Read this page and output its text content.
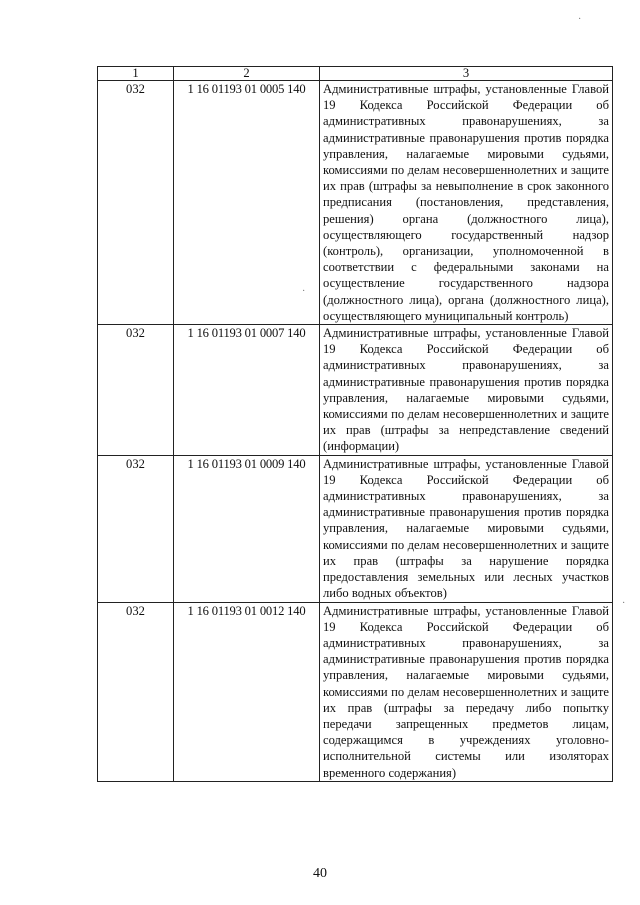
·
·
·
1	2	3
032	1 16 01193 01 0005 140	Административные штрафы, установленные Главой 19 Кодекса Российской Федерации об административных правонарушениях, за административные правонарушения против порядка управления, налагаемые мировыми судьями, комиссиями по делам несовершеннолетних и защите их прав (штрафы за невыполнение в срок законного предписания (постановления, представления, решения) органа (должностного лица), осуществляющего государственный надзор (контроль), организации, уполномоченной в соответствии с федеральными законами на осуществление государственного надзора (должностного лица), органа (должностного лица), осуществляющего муниципальный контроль)
032	1 16 01193 01 0007 140	Административные штрафы, установленные Главой 19 Кодекса Российской Федерации об административных правонарушениях, за административные правонарушения против порядка управления, налагаемые мировыми судьями, комиссиями по делам несовершеннолетних и защите их прав (штрафы за непредставление сведений (информации)
032	1 16 01193 01 0009 140	Административные штрафы, установленные Главой 19 Кодекса Российской Федерации об административных правонарушениях, за административные правонарушения против порядка управления, налагаемые мировыми судьями, комиссиями по делам несовершеннолетних и защите их прав (штрафы за нарушение порядка предоставления земельных или лесных участков либо водных объектов)
032	1 16 01193 01 0012 140	Административные штрафы, установленные Главой 19 Кодекса Российской Федерации об административных правонарушениях, за административные правонарушения против порядка управления, налагаемые мировыми судьями, комиссиями по делам несовершеннолетних и защите их прав (штрафы за передачу либо попытку передачи запрещенных предметов лицам, содержащимся в учреждениях уголовно-исполнительной системы или изоляторах временного содержания)
40
